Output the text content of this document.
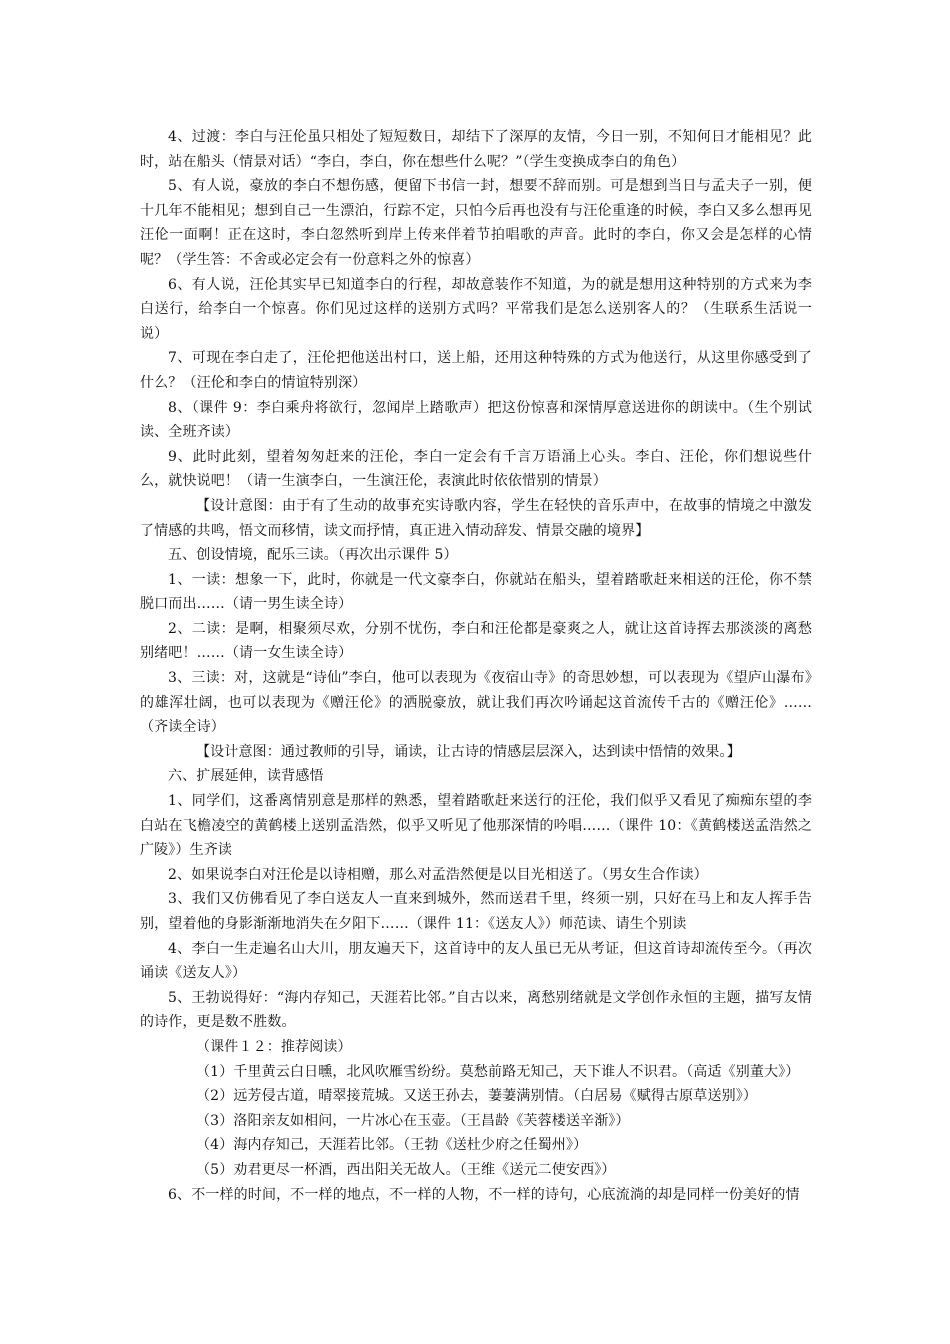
4、过渡：李白与汪伦虽只相处了短短数日，却结下了深厚的友情，今日一别，不知何日才能相见？此时，站在船头（情景对话）“李白，李白，你在想些什么呢？”（学生变换成李白的角色）

5、有人说，豪放的李白不想伤感，便留下书信一封，想要不辞而别。可是想到当日与孟夫子一别，便十几年不能相见；想到自己一生漂泊，行踪不定，只怕今后再也没有与汪伦重逢的时候，李白又多么想再见汪伦一面啊！正在这时，李白忽然听到岸上传来伴着节拍唱歌的声音。此时的李白，你又会是怎样的心情呢？（学生答：不舍或必定会有一份意料之外的惊喜）

6、有人说，汪伦其实早已知道李白的行程，却故意装作不知道，为的就是想用这种特别的方式来为李白送行，给李白一个惊喜。你们见过这样的送别方式吗？平常我们是怎么送别客人的？（生联系生活说一说）

7、可现在李白走了，汪伦把他送出村口，送上船，还用这种特殊的方式为他送行，从这里你感受到了什么？（汪伦和李白的情谊特别深）

8、（课件 9：李白乘舟将欲行，忽闻岸上踏歌声）把这份惊喜和深情厚意送进你的朗读中。（生个别试读、全班齐读）

9、此时此刻，望着匆匆赶来的汪伦，李白一定会有千言万语涌上心头。李白、汪伦，你们想说些什么，就快说吧！（请一生演李白，一生演汪伦，表演此时依依惜别的情景）

【设计意图：由于有了生动的故事充实诗歌内容，学生在轻快的音乐声中，在故事的情境之中激发了情感的共鸣，悟文而移情，读文而抒情，真正进入情动辞发、情景交融的境界】

五、创设情境，配乐三读。（再次出示课件 5）

1、一读：想象一下，此时，你就是一代文豪李白，你就站在船头，望着踏歌赶来相送的汪伦，你不禁脱口而出……（请一男生读全诗）

2、二读：是啊，相聚须尽欢，分别不忧伤，李白和汪伦都是豪爽之人，就让这首诗挥去那淡淡的离愁别绪吧！……（请一女生读全诗）

3、三读：对，这就是“诗仙”李白，他可以表现为《夜宿山寺》的奇思妙想，可以表现为《望庐山瀑布》的雄浑壮阔，也可以表现为《赠汪伦》的洒脱豪放，就让我们再次吟诵起这首流传千古的《赠汪伦》……（齐读全诗）

【设计意图：通过教师的引导，诵读，让古诗的情感层层深入，达到读中悟情的效果。】

六、扩展延伸，读背感悟

1、同学们，这番离情别意是那样的熟悉，望着踏歌赶来送行的汪伦，我们似乎又看见了痴痴东望的李白站在飞檐凌空的黄鹤楼上送别孟浩然，似乎又听见了他那深情的吟唱……（课件 10：《黄鹤楼送孟浩然之广陵》）生齐读

2、如果说李白对汪伦是以诗相赠，那么对孟浩然便是以目光相送了。（男女生合作读）

3、我们又仿佛看见了李白送友人一直来到城外，然而送君千里，终须一别，只好在马上和友人挥手告别，望着他的身影渐渐地消失在夕阳下……（课件 11：《送友人》）师范读、请生个别读

4、李白一生走遍名山大川，朋友遍天下，这首诗中的友人虽已无从考证，但这首诗却流传至今。（再次诵读《送友人》）

5、王勃说得好：“海内存知己，天涯若比邻。”自古以来，离愁别绪就是文学创作永恒的主题，描写友情的诗作，更是数不胜数。

（课件１２：推荐阅读）

（1）千里黄云白日曛，北风吹雁雪纷纷。莫愁前路无知己，天下谁人不识君。（高适《别董大》）

（2）远芳侵古道，晴翠接荒城。又送王孙去，萋萋满别情。（白居易《赋得古原草送别》）

（3）洛阳亲友如相问，一片冰心在玉壶。（王昌龄《芙蓉楼送辛渐》）

（4）海内存知己，天涯若比邻。（王勃《送杜少府之任蜀州》）

（5）劝君更尽一杯酒，西出阳关无故人。（王维《送元二使安西》）

6、不一样的时间，不一样的地点，不一样的人物，不一样的诗句，心底流淌的却是同样一份美好的情
